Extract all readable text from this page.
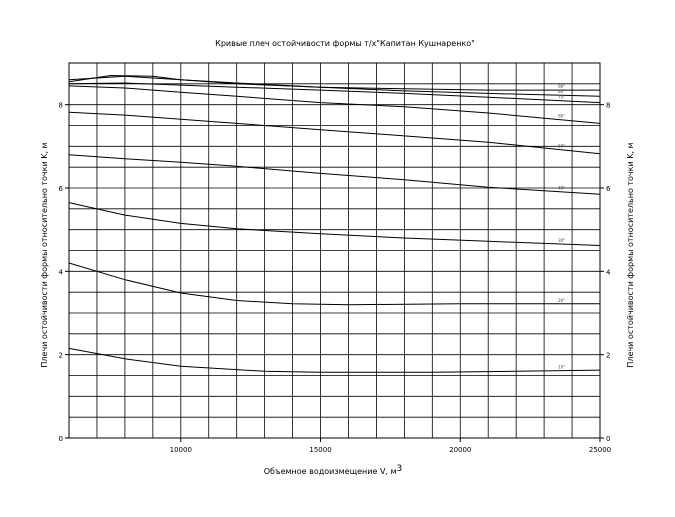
Кривые плеч остойчивости формы т/х"Капитан Кушнаренко"
0	0
2	2
4	4
6	6
8	8
10000	15000	20000	25000
10°
20°
30°
40°
50°
60°
70°
80°
90°
Объемное водоизмещение V, м3
Плечи остойчивости формы относительно точки K, м	Плечи остойчивости формы относительно точки K, м
